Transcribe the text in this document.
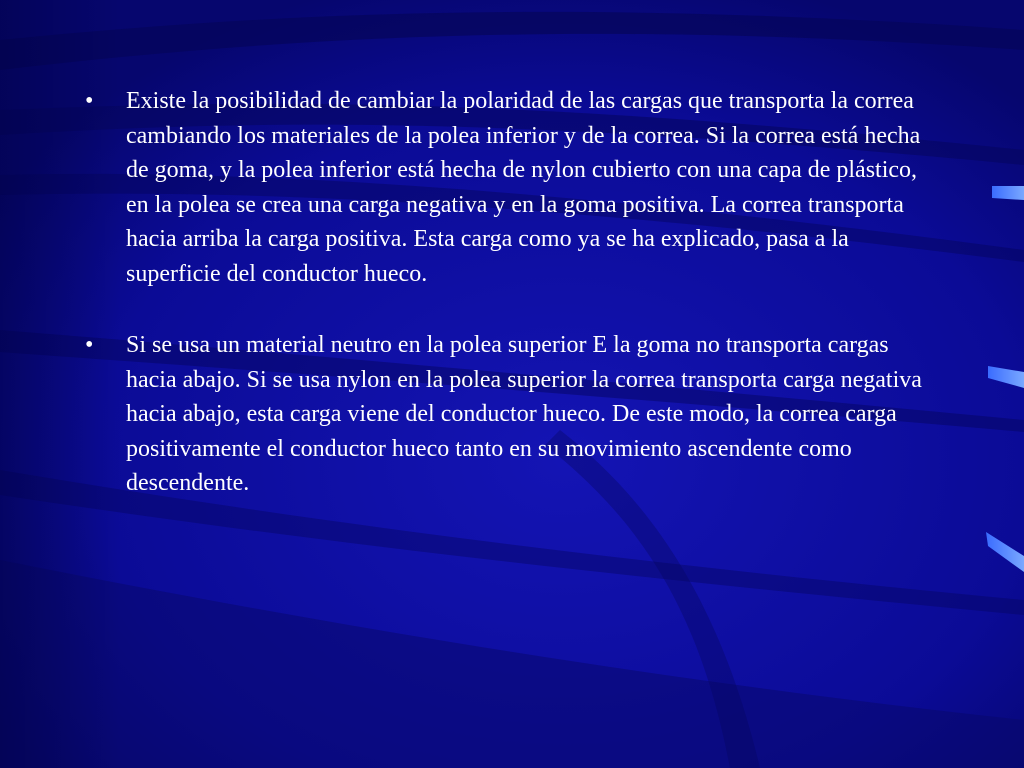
• Existe la posibilidad de cambiar la polaridad de las cargas que transporta la correa cambiando los materiales de la polea inferior y de la correa. Si la correa está hecha de goma, y la polea inferior está hecha de nylon cubierto con una capa de plástico, en la polea se crea una carga negativa y en la goma positiva. La correa transporta hacia arriba la carga positiva. Esta carga como ya se ha explicado, pasa a la superficie del conductor hueco.
• Si se usa un material neutro en la polea superior E la goma no transporta cargas hacia abajo. Si se usa nylon en la polea superior la correa transporta carga negativa hacia abajo, esta carga viene del conductor hueco. De este modo, la correa carga positivamente el conductor hueco tanto en su movimiento ascendente como descendente.
